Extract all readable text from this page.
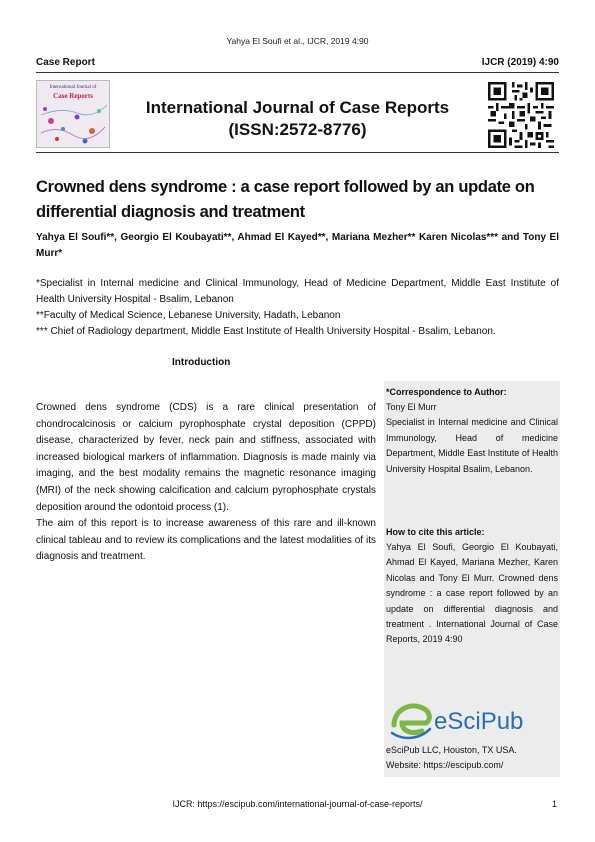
Yahya El Soufi et al., IJCR, 2019 4:90
Case Report	IJCR (2019) 4:90
International Journal of
Case Reports
International Journal of Case Reports
(ISSN:2572-8776)
Crowned dens syndrome : a case report followed by an update on differential diagnosis and treatment
Yahya El Soufi**, Georgio El Koubayati**, Ahmad El Kayed**, Mariana Mezher** Karen Nicolas*** and Tony El Murr*

*Specialist in Internal medicine and Clinical Immunology, Head of Medicine Department, Middle East Institute of Health University Hospital - Bsalim, Lebanon

**Faculty of Medical Science, Lebanese University, Hadath, Lebanon

*** Chief of Radiology department, Middle East Institute of Health University Hospital - Bsalim, Lebanon.

Introduction

Crowned dens syndrome (CDS) is a rare clinical presentation of chondrocalcinosis or calcium pyrophosphate crystal deposition (CPPD) disease, characterized by fever, neck pain and stiffness, associated with increased biological markers of inflammation. Diagnosis is made mainly via imaging, and the best modality remains the magnetic resonance imaging (MRI) of the neck showing calcification and calcium pyrophosphate crystals deposition around the odontoid process (1).

The aim of this report is to increase awareness of this rare and ill-known clinical tableau and to review its complications and the latest modalities of its diagnosis and treatment.

*Correspondence to Author:
Tony El Murr
Specialist in Internal medicine and Clinical Immunology, Head of medicine Department, Middle East Institute of Health University Hospital Bsalim, Lebanon.
How to cite this article:
Yahya El Soufi, Georgio El Koubayati, Ahmad El Kayed, Mariana Mezher, Karen Nicolas and Tony El Murr. Crowned dens syndrome : a case report followed by an update on differential diagnosis and treatment . International Journal of Case Reports, 2019 4:90
eSciPub
eSciPub LLC, Houston, TX USA.
Website: https://escipub.com/
IJCR: https://escipub.com/international-journal-of-case-reports/	1
